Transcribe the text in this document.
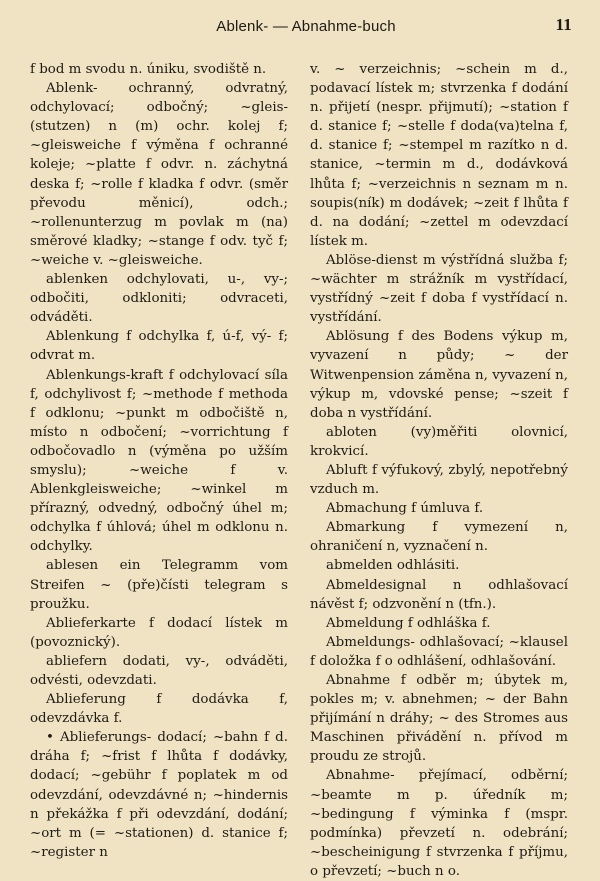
Ablenk- — Abnahme-buch	11

f bod m svodu n. úniku, svodiště n.

Ablenk- ochranný, odvratný, odchylovací; odbočný; ~gleis-(stutzen) n (m) ochr. kolej f; ~gleisweiche f výměna f ochranné koleje; ~platte f odvr. n. záchytná deska f; ~rolle f kladka f odvr. (směr převodu měnicí), odch.; ~rollenunterzug m povlak m (na) směrové kladky; ~stange f odv. tyč f; ~weiche v. ~gleisweiche.

ablenken odchylovati, u-, vy-; odbočiti, odkloniti; odvraceti, odváděti.

Ablenkung f odchylka f, ú-f, vý- f; odvrat m.

Ablenkungs-kraft f odchylovací síla f, odchylivost f; ~methode f methoda f odklonu; ~punkt m odbočiště n, místo n odbočení; ~vorrichtung f odbočovadlo n (výměna po užším smyslu); ~weiche f v. Ablenkgleisweiche; ~winkel m přírazný, odvedný, odbočný úhel m; odchylka f úhlová; úhel m odklonu n. odchylky.

ablesen ein Telegramm vom Streifen ~ (pře)čísti telegram s proužku.

Ablieferkarte f dodací lístek m (povoznický).

abliefern dodati, vy-, odváděti, odvésti, odevzdati.

Ablieferung f dodávka f, odevzdávka f.

• Ablieferungs- dodací; ~bahn f d. dráha f; ~frist f lhůta f dodávky, dodací; ~gebühr f poplatek m od odevzdání, odevzdávné n; ~hindernis n překážka f při odevzdání, dodání; ~ort m (= ~stationen) d. stanice f; ~register n

v. ~ verzeichnis; ~schein m d., podavací lístek m; stvrzenka f dodání n. přijetí (nespr. přijmutí); ~station f d. stanice f; ~stelle f doda(va)telna f, d. stanice f; ~stempel m razítko n d. stanice, ~termin m d., dodávková lhůta f; ~verzeichnis n seznam m n. soupis(ník) m dodávek; ~zeit f lhůta f d. na dodání; ~zettel m odevzdací lístek m.

Ablöse-dienst m výstřídná služba f; ~wächter m strážník m vystřídací, vystřídný ~zeit f doba f vystřídací n. vystřídání.

Ablösung f des Bodens výkup m, vyvazení n půdy; ~ der Witwenpension záměna n, vyvazení n, výkup m, vdovské pense; ~szeit f doba n vystřídání.

abloten (vy)měřiti olovnicí, krokvicí.

Abluft f výfukový, zbylý, nepotřebný vzduch m.

Abmachung f úmluva f.

Abmarkung f vymezení n, ohraničení n, vyznačení n.

abmelden odhlásiti.

Abmeldesignal n odhlašovací návěst f; odzvonění n (tfn.).

Abmeldung f odhláška f.

Abmeldungs- odhlašovací; ~klausel f doložka f o odhlášení, odhlašování.

Abnahme f odběr m; úbytek m, pokles m; v. abnehmen; ~ der Bahn přijímání n dráhy; ~ des Stromes aus Maschinen přivádění n. přívod m proudu ze strojů.

Abnahme- přejímací, odběrní; ~beamte m p. úředník m; ~bedingung f výminka f (mspr. podmínka) převzetí n. odebrání; ~bescheinigung f stvrzenka f příjmu, o převzetí; ~buch n o.
